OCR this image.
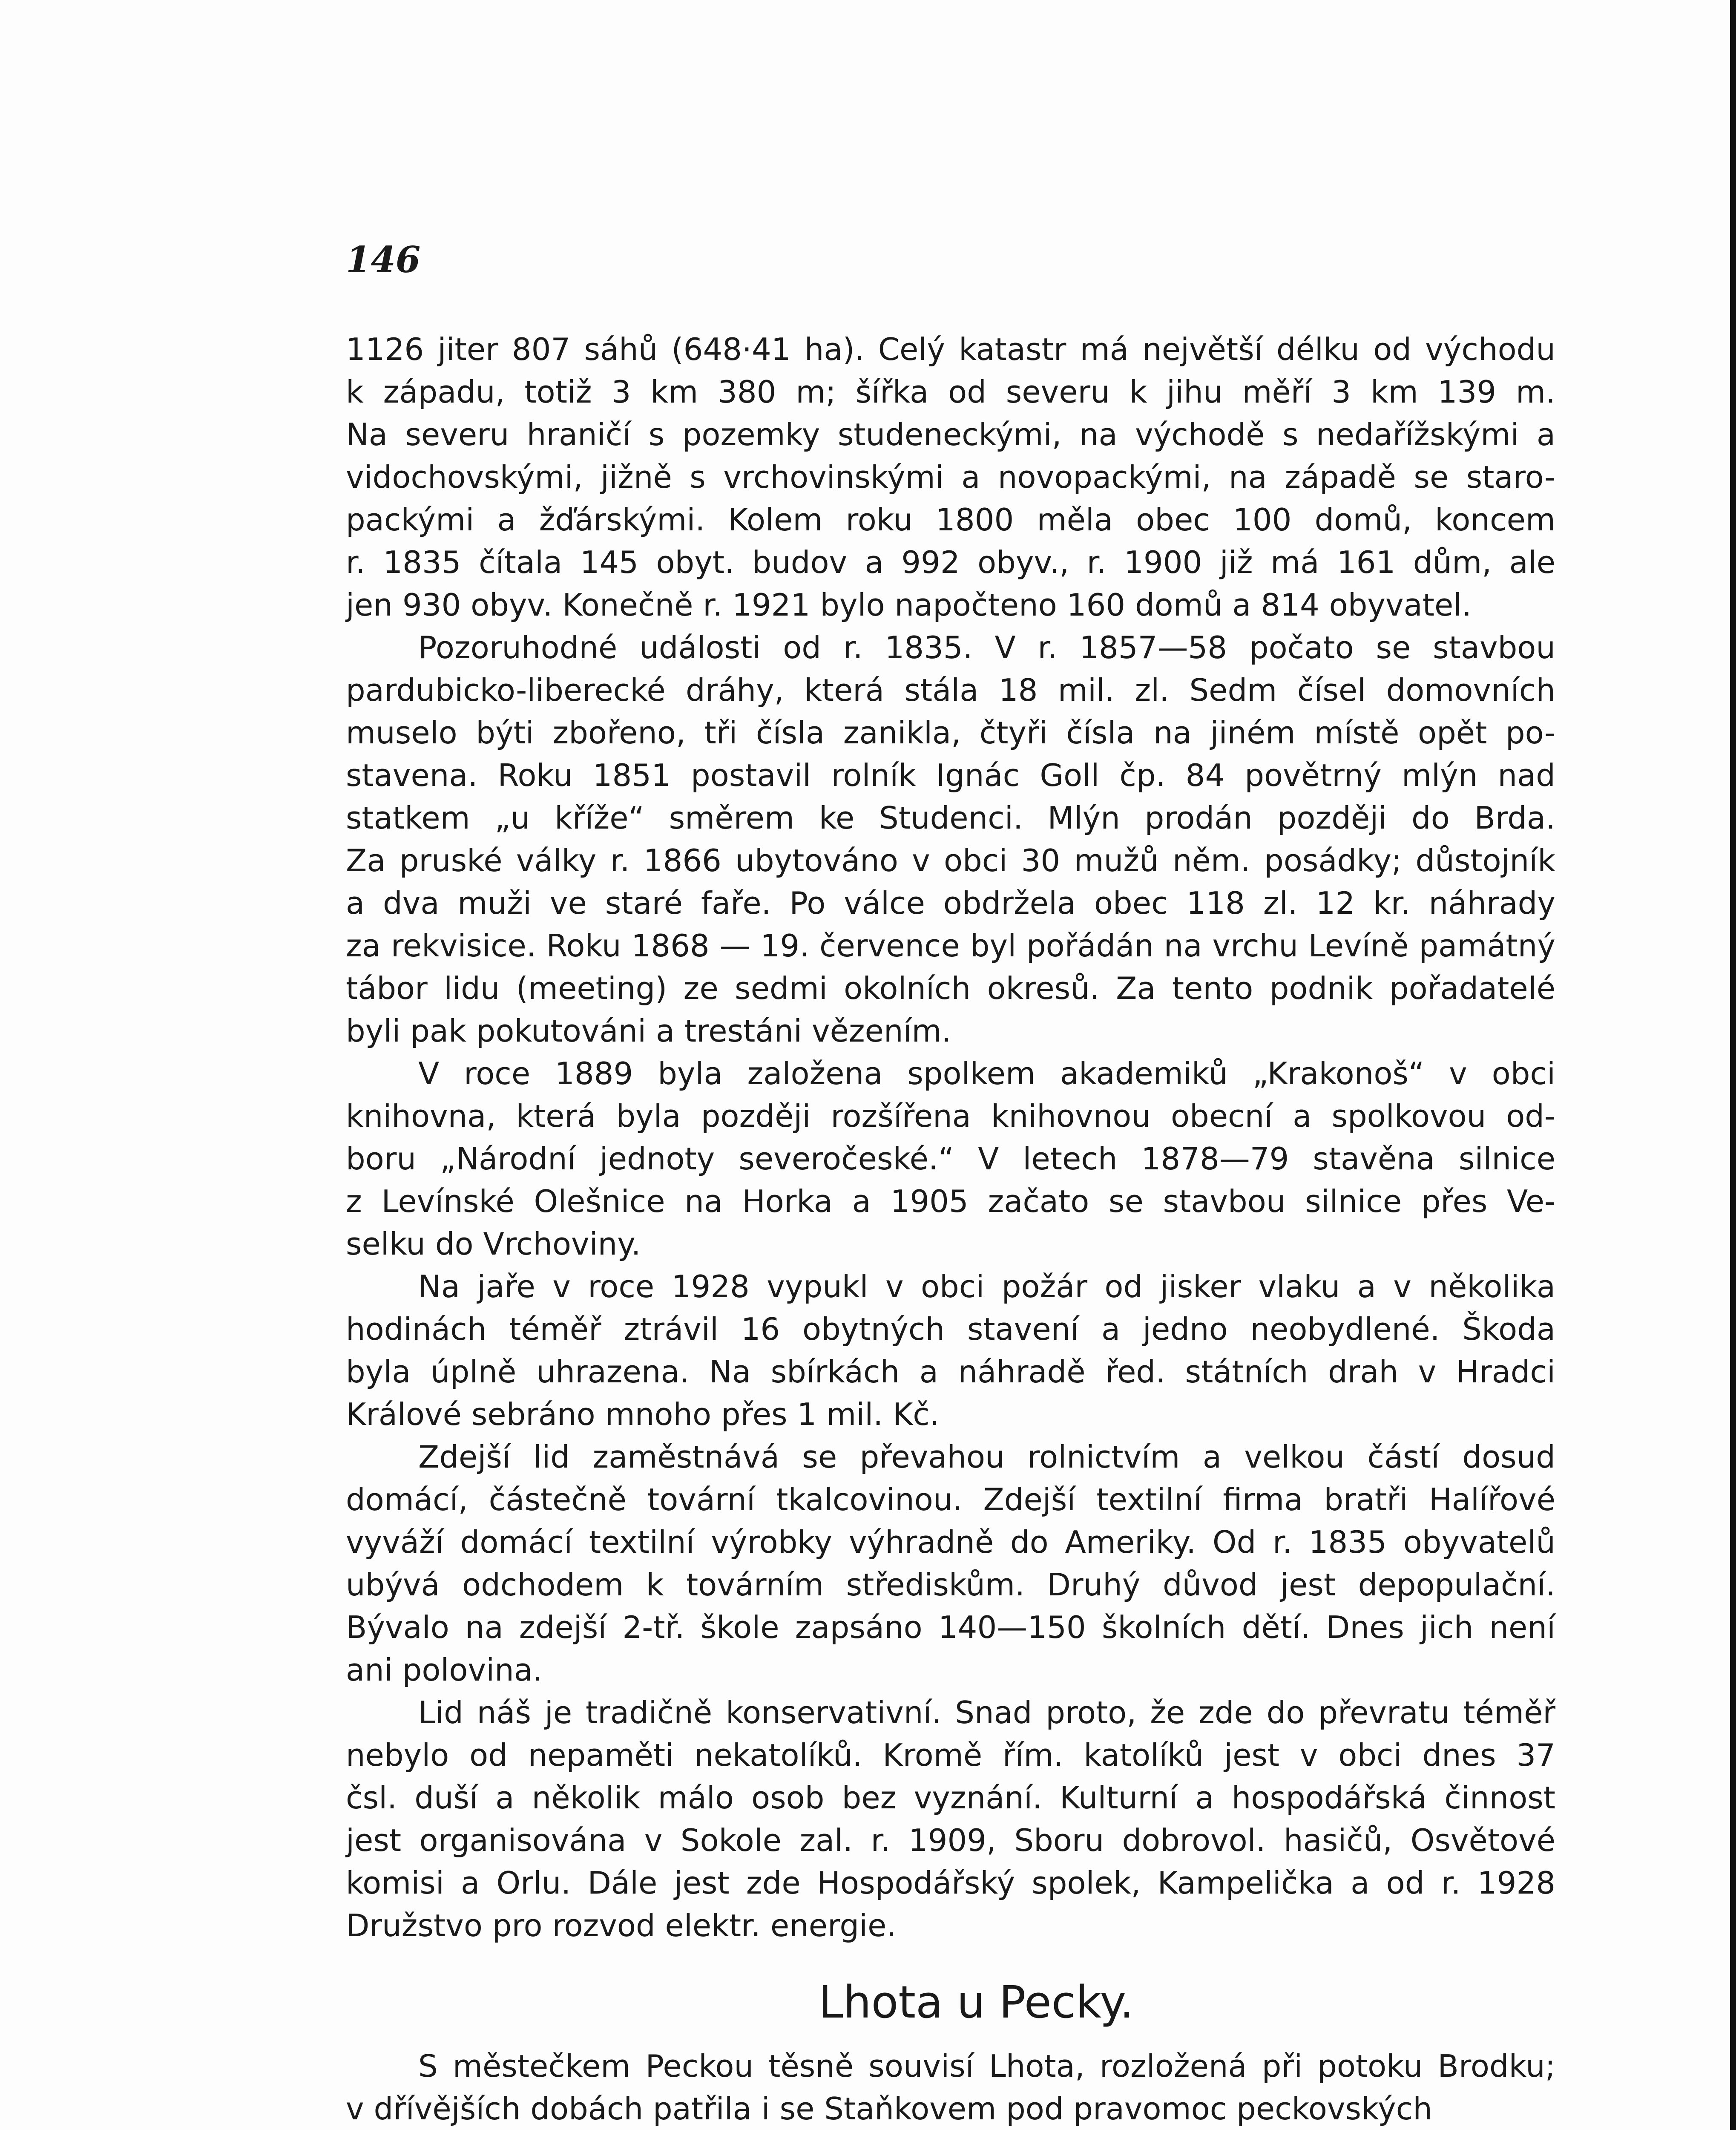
146
1126 jiter 807 sáhů (648·41 ha). Celý katastr má největší délku od východu
k západu, totiž 3 km 380 m; šířka od severu k jihu měří 3 km 139 m.
Na severu hraničí s pozemky studeneckými, na východě s nedařížskými a
vidochovskými, jižně s vrchovinskými a novopackými, na západě se staro-
packými a žďárskými. Kolem roku 1800 měla obec 100 domů, koncem
r. 1835 čítala 145 obyt. budov a 992 obyv., r. 1900 již má 161 dům, ale
jen 930 obyv. Konečně r. 1921 bylo napočteno 160 domů a 814 obyvatel.
Pozoruhodné události od r. 1835. V r. 1857—58 počato se stavbou
pardubicko-liberecké dráhy, která stála 18 mil. zl. Sedm čísel domovních
muselo býti zbořeno, tři čísla zanikla, čtyři čísla na jiném místě opět po-
stavena. Roku 1851 postavil rolník Ignác Goll čp. 84 povětrný mlýn nad
statkem „u kříže“ směrem ke Studenci. Mlýn prodán později do Brda.
Za pruské války r. 1866 ubytováno v obci 30 mužů něm. posádky; důstojník
a dva muži ve staré faře. Po válce obdržela obec 118 zl. 12 kr. náhrady
za rekvisice. Roku 1868 — 19. července byl pořádán na vrchu Levíně památný
tábor lidu (meeting) ze sedmi okolních okresů. Za tento podnik pořadatelé
byli pak pokutováni a trestáni vězením.
V roce 1889 byla založena spolkem akademiků „Krakonoš“ v obci
knihovna, která byla později rozšířena knihovnou obecní a spolkovou od-
boru „Národní jednoty severočeské.“ V letech 1878—79 stavěna silnice
z Levínské Olešnice na Horka a 1905 začato se stavbou silnice přes Ve-
selku do Vrchoviny.
Na jaře v roce 1928 vypukl v obci požár od jisker vlaku a v několika
hodinách téměř ztrávil 16 obytných stavení a jedno neobydlené. Škoda
byla úplně uhrazena. Na sbírkách a náhradě řed. státních drah v Hradci
Králové sebráno mnoho přes 1 mil. Kč.
Zdejší lid zaměstnává se převahou rolnictvím a velkou částí dosud
domácí, částečně tovární tkalcovinou. Zdejší textilní firma bratři Halířové
vyváží domácí textilní výrobky výhradně do Ameriky. Od r. 1835 obyvatelů
ubývá odchodem k továrním střediskům. Druhý důvod jest depopulační.
Bývalo na zdejší 2-tř. škole zapsáno 140—150 školních dětí. Dnes jich není
ani polovina.
Lid náš je tradičně konservativní. Snad proto, že zde do převratu téměř
nebylo od nepaměti nekatolíků. Kromě řím. katolíků jest v obci dnes 37
čsl. duší a několik málo osob bez vyznání. Kulturní a hospodářská činnost
jest organisována v Sokole zal. r. 1909, Sboru dobrovol. hasičů, Osvětové
komisi a Orlu. Dále jest zde Hospodářský spolek, Kampelička a od r. 1928
Družstvo pro rozvod elektr. energie.
Lhota u Pecky.
S městečkem Peckou těsně souvisí Lhota, rozložená při potoku Brodku;
v dřívějších dobách patřila i se Staňkovem pod pravomoc peckovských
